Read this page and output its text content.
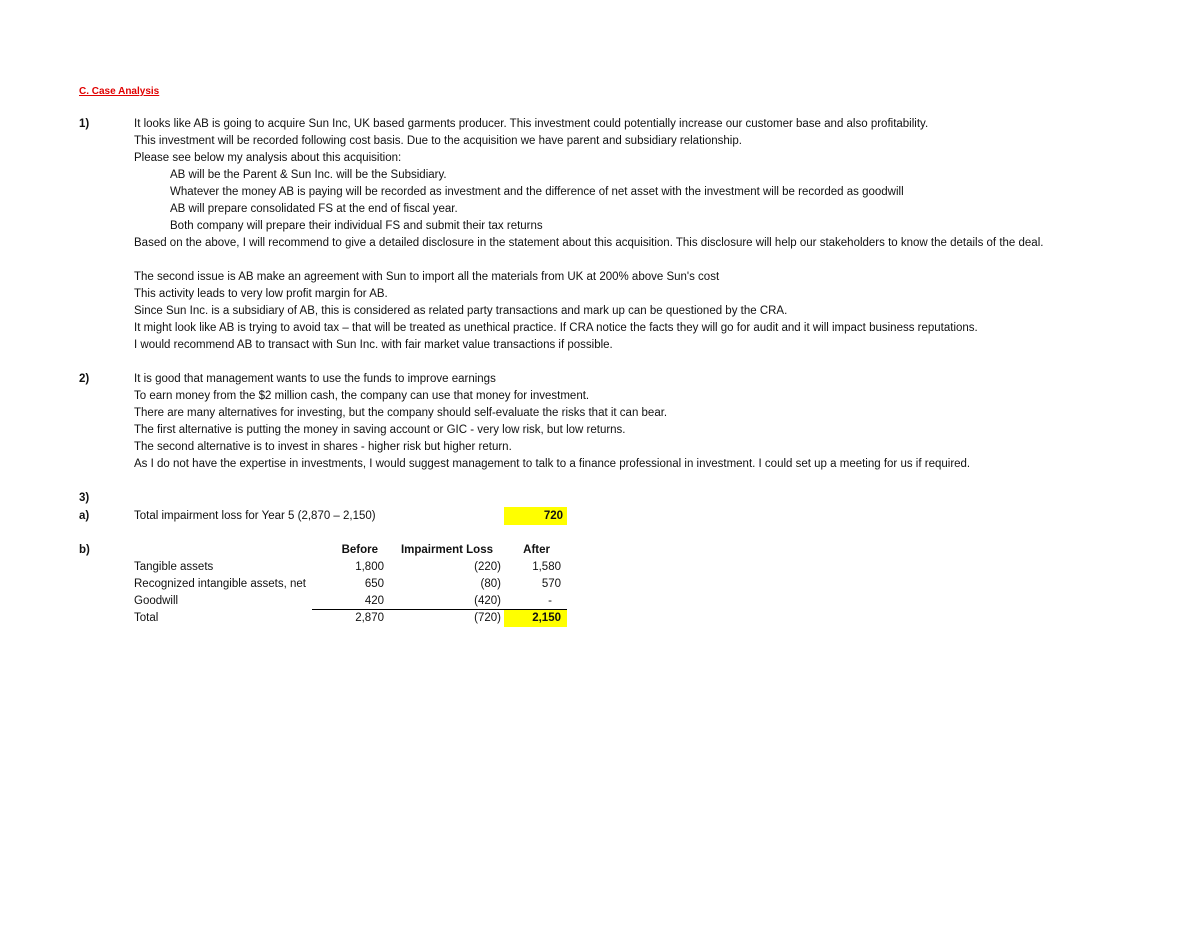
C. Case Analysis
1)	It looks like AB is going to acquire Sun Inc, UK based garments producer. This investment could potentially increase our customer base and also profitability.
This investment will be recorded following cost basis. Due to the acquisition we have parent and subsidiary relationship.
Please see below my analysis about this acquisition:
AB will be the Parent & Sun Inc. will be the Subsidiary.
Whatever the money AB is paying will be recorded as investment and the difference of net asset with the investment will be recorded as goodwill
AB will prepare consolidated FS at the end of fiscal year.
Both company will prepare their individual FS and submit their tax returns
Based on the above, I will recommend to give a detailed disclosure in the statement about this acquisition. This disclosure will help our stakeholders to know the details of the deal.
The second issue is AB make an agreement with Sun to import all the materials from UK at 200% above Sun's cost
This activity leads to very low profit margin for AB.
Since Sun Inc. is a subsidiary of AB, this is considered as related party transactions and mark up can be questioned by the CRA.
It might look like AB is trying to avoid tax – that will be treated as unethical practice. If CRA notice the facts they will go for audit and it will impact business reputations.
I would recommend AB to transact with Sun Inc. with fair market value transactions if possible.
2)	It is good that management wants to use the funds to improve earnings
To earn money from the $2 million cash, the company can use that money for investment.
There are many alternatives for investing, but the company should self-evaluate the risks that it can bear.
The first alternative is putting the money in saving account or GIC - very low risk, but low returns.
The second alternative is to invest in shares - higher risk but higher return.
As I do not have the expertise in investments, I would suggest management to talk to a finance professional in investment. I could set up a meeting for us if required.
3)
a)	Total impairment loss for Year 5 (2,870 – 2,150)	720
b)	Before	Impairment Loss	After
Tangible assets	1,800	(220)	1,580
Recognized intangible assets, net	650	(80)	570
Goodwill	420	(420)	-
Total	2,870	(720)	2,150
